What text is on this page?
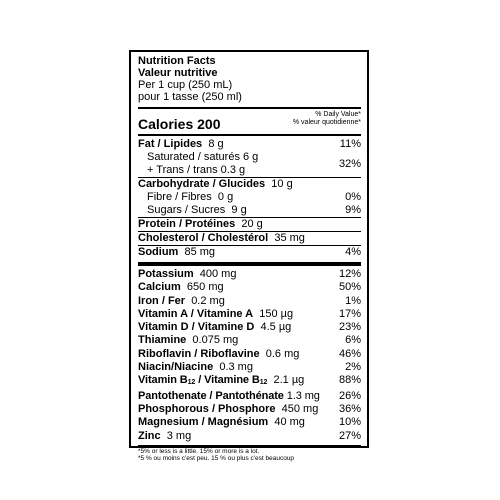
Nutrition Facts
Valeur nutritive
Per 1 cup (250 mL)
pour 1 tasse (250 ml)
Calories 200
% Daily Value*
% valeur quotidienne*
Fat / Lipides 8 g	11%
Saturated / saturés 6 g
+ Trans / trans 0.3 g	32%
Carbohydrate / Glucides 10 g
Fibre / Fibres 0 g	0%
Sugars / Sucres 9 g	9%
Protein / Protéines 20 g
Cholesterol / Cholestérol 35 mg
Sodium 85 mg	4%
Potassium 400 mg	12%
Calcium 650 mg	50%
Iron / Fer 0.2 mg	1%
Vitamin A / Vitamine A 150 µg	17%
Vitamin D / Vitamine D 4.5 µg	23%
Thiamine 0.075 mg	6%
Riboflavin / Riboflavine 0.6 mg	46%
Niacin/Niacine 0.3 mg	2%
Vitamin $B_{12}$ / Vitamine $B_{12}$ 2.1 µg	88%
Pantothenate / Pantothénate 1.3 mg	26%
Phosphorous / Phosphore 450 mg	36%
Magnesium / Magnésium 40 mg	10%
Zinc 3 mg	27%
*5% or less is a little. 15% or more is a lot.
*5 % ou moins c'est peu. 15 % ou plus c'est beaucoup
